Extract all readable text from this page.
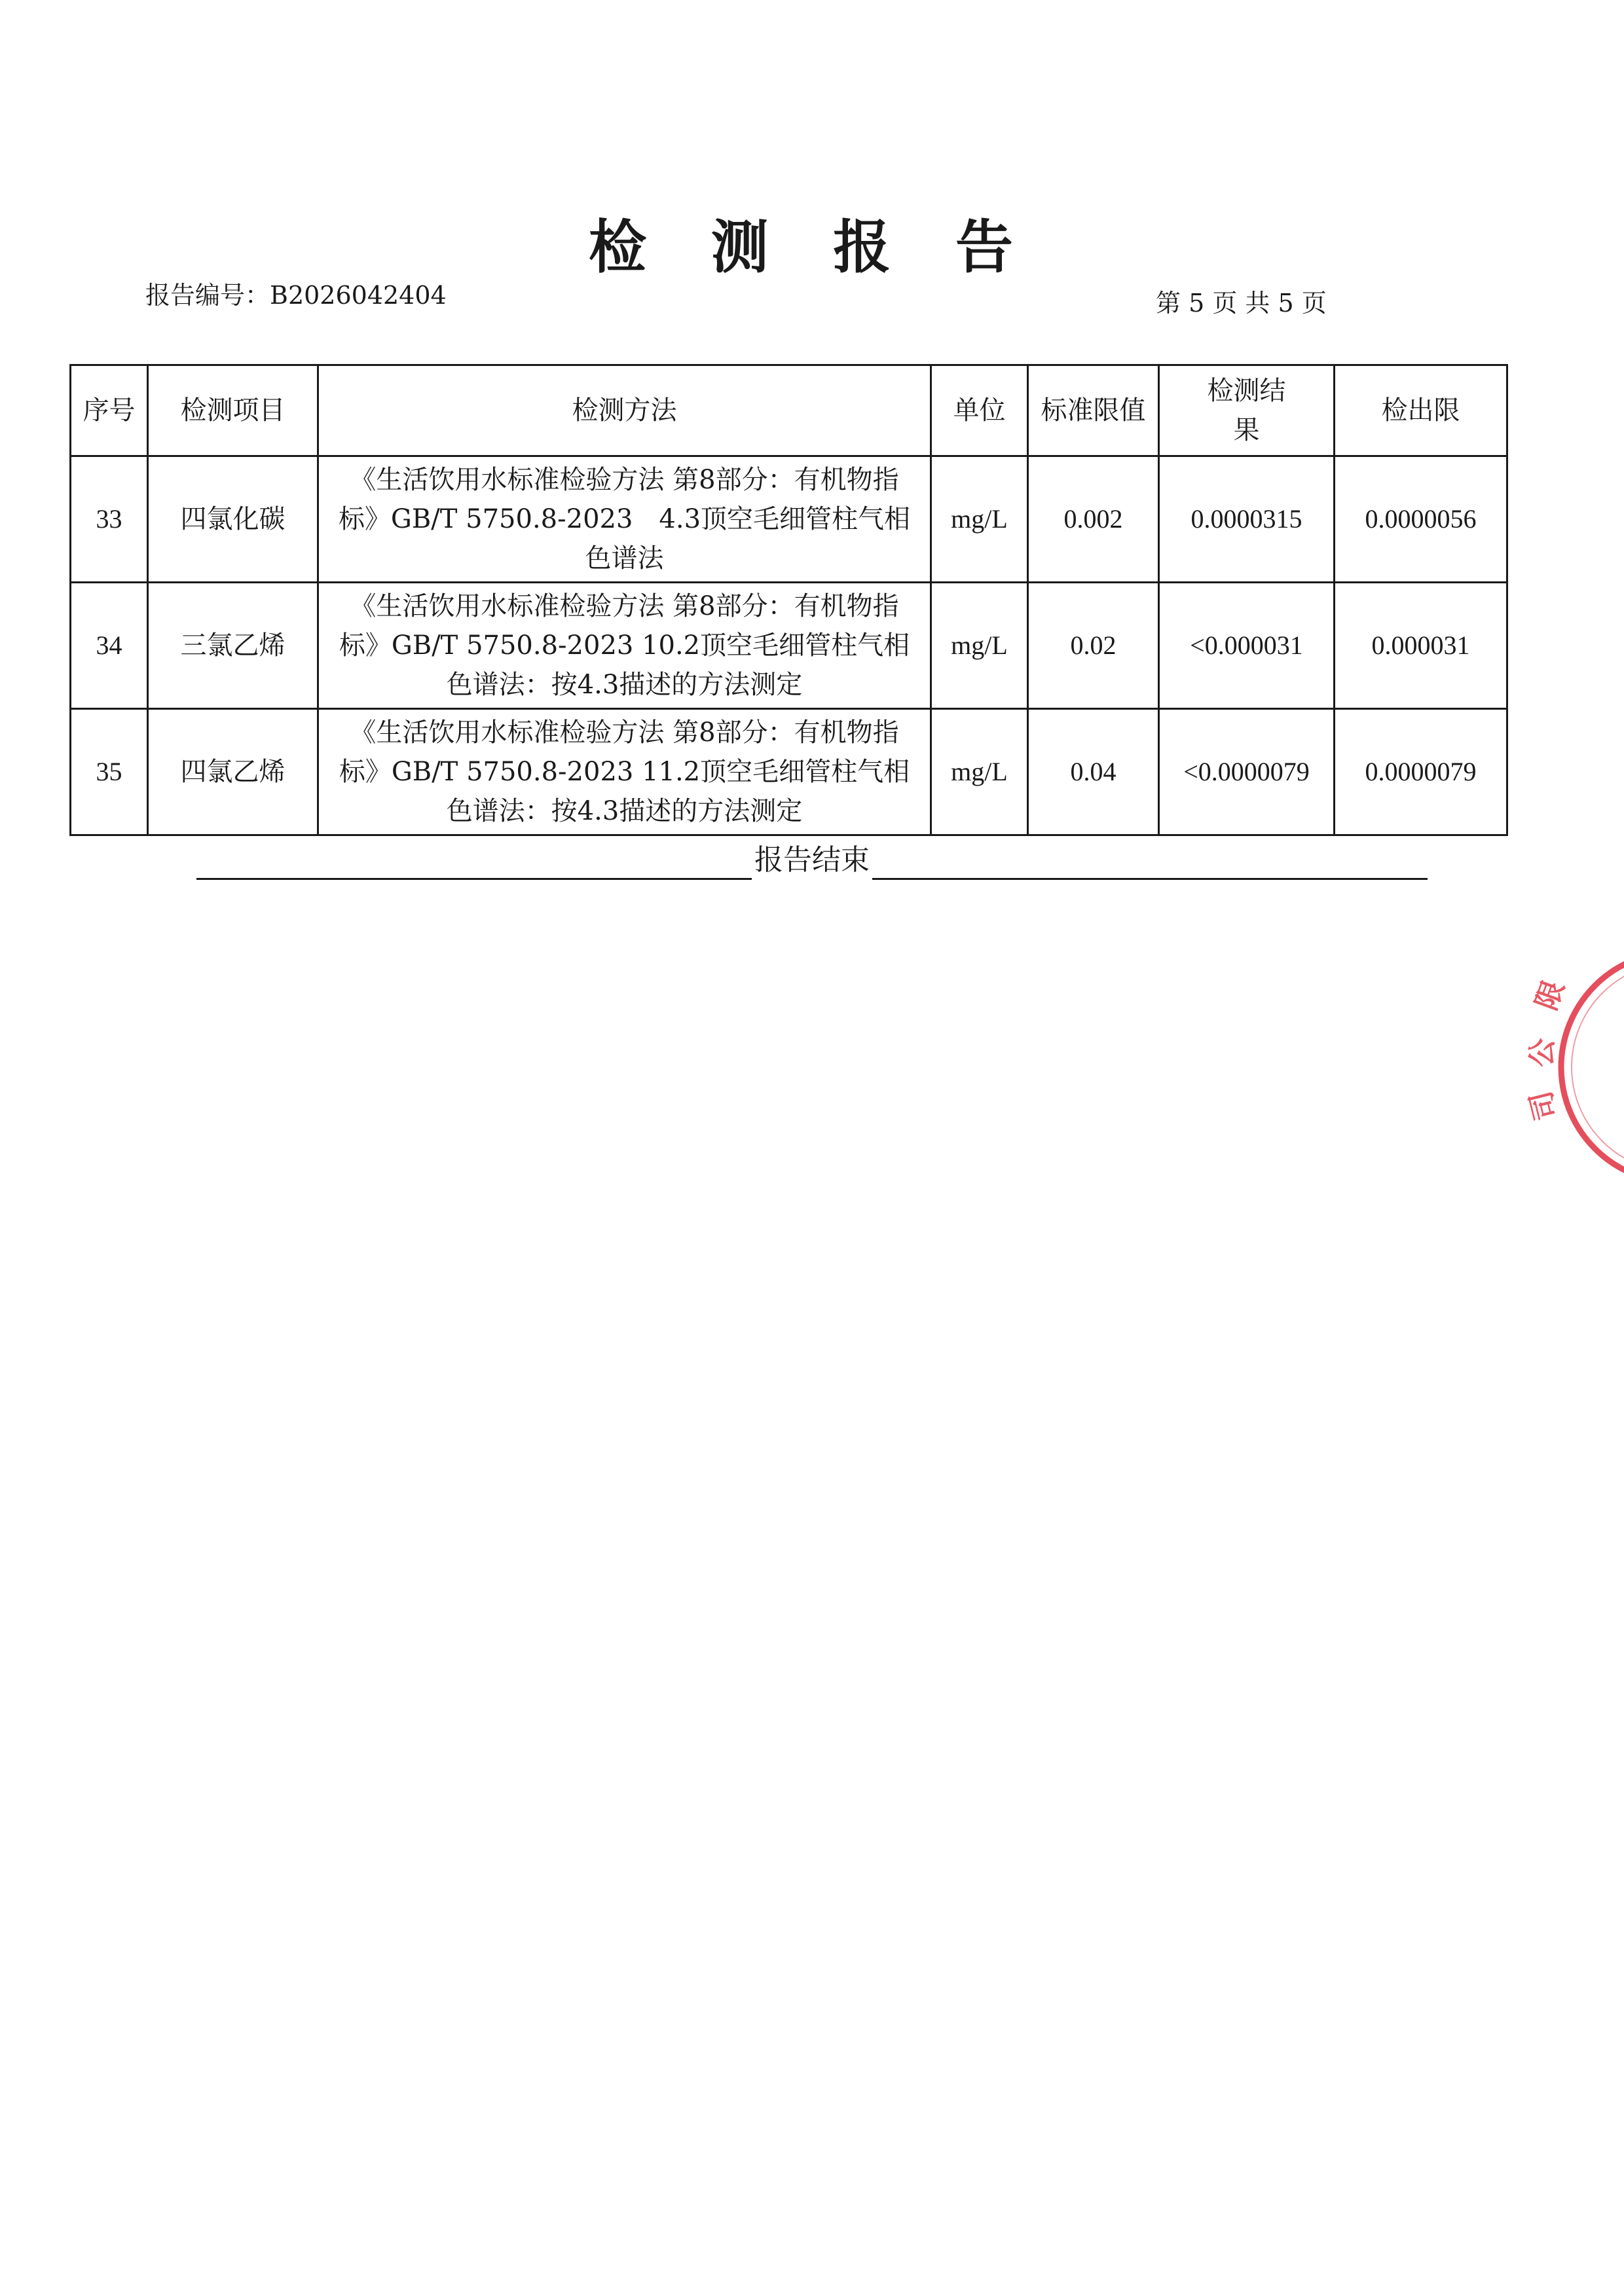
检 测 报 告
报告编号：B2026042404	第 5 页 共 5 页
序号	检测项目	检测方法	单位	标准限值	检测结果	检出限
33	四氯化碳	《生活饮用水标准检验方法 第8部分：有机物指
标》GB/T 5750.8-2023　4.3顶空毛细管柱气相
色谱法	mg/L	0.002	0.0000315	0.0000056
34	三氯乙烯	《生活饮用水标准检验方法 第8部分：有机物指
标》GB/T 5750.8-2023 10.2顶空毛细管柱气相
色谱法：按4.3描述的方法测定	mg/L	0.02	<0.000031	0.000031
35	四氯乙烯	《生活饮用水标准检验方法 第8部分：有机物指
标》GB/T 5750.8-2023 11.2顶空毛细管柱气相
色谱法：按4.3描述的方法测定	mg/L	0.04	<0.0000079	0.0000079
报告结束
限
公
司
